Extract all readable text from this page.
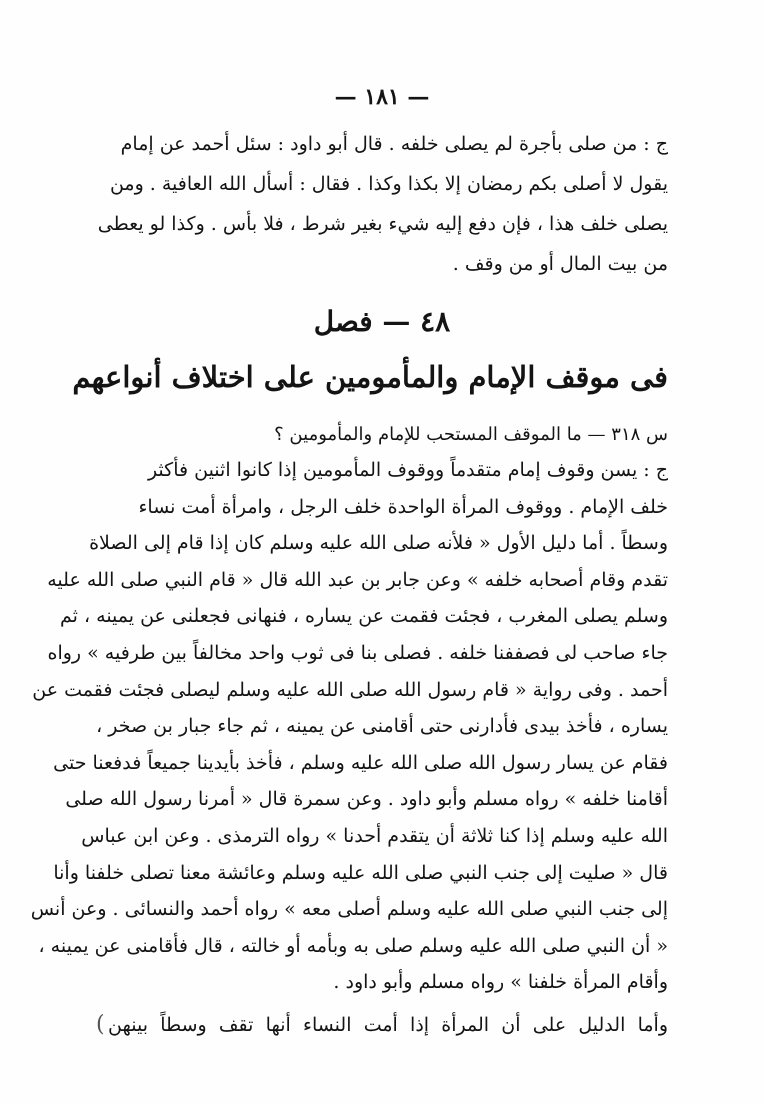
— ١٨١ —
ج : من صلى بأجرة لم يصلى خلفه . قال أبو داود : سئل أحمد عن إمام
يقول لا أصلى بكم رمضان إلا بكذا وكذا . فقال : أسأل الله العافية . ومن
يصلى خلف هذا ، فإن دفع إليه شيء بغير شرط ، فلا بأس . وكذا لو يعطى
من بيت المال أو من وقف .
٤٨ — فصل
فى موقف الإمام والمأمومين على اختلاف أنواعهم
س ٣١٨ — ما الموقف المستحب للإمام والمأمومين ؟
ج : يسن وقوف إمام متقدماً ووقوف المأمومين إذا كانوا اثنين فأكثر
خلف الإمام . ووقوف المرأة الواحدة خلف الرجل ، وامرأة أمت نساء
وسطاً . أما دليل الأول « فلأنه صلى الله عليه وسلم كان إذا قام إلى الصلاة
تقدم وقام أصحابه خلفه » وعن جابر بن عبد الله قال « قام النبي صلى الله عليه
وسلم يصلى المغرب ، فجئت فقمت عن يساره ، فنهانى فجعلنى عن يمينه ، ثم
جاء صاحب لى فصففنا خلفه . فصلى بنا فى ثوب واحد مخالفاً بين طرفيه » رواه
أحمد . وفى رواية « قام رسول الله صلى الله عليه وسلم ليصلى فجئت فقمت عن
يساره ، فأخذ بيدى فأدارنى حتى أقامنى عن يمينه ، ثم جاء جبار بن صخر ،
فقام عن يسار رسول الله صلى الله عليه وسلم ، فأخذ بأيدينا جميعاً فدفعنا حتى
أقامنا خلفه » رواه مسلم وأبو داود . وعن سمرة قال « أمرنا رسول الله صلى
الله عليه وسلم إذا كنا ثلاثة أن يتقدم أحدنا » رواه الترمذى . وعن ابن عباس
قال « صليت إلى جنب النبي صلى الله عليه وسلم وعائشة معنا تصلى خلفنا وأنا
إلى جنب النبي صلى الله عليه وسلم أصلى معه » رواه أحمد والنسائى . وعن أنس
« أن النبي صلى الله عليه وسلم صلى به وبأمه أو خالته ، قال فأقامنى عن يمينه ،
وأقام المرأة خلفنا » رواه مسلم وأبو داود .
وأما الدليل على أن المرأة إذا أمت النساء أنها تقف وسطاً بينهن
(
